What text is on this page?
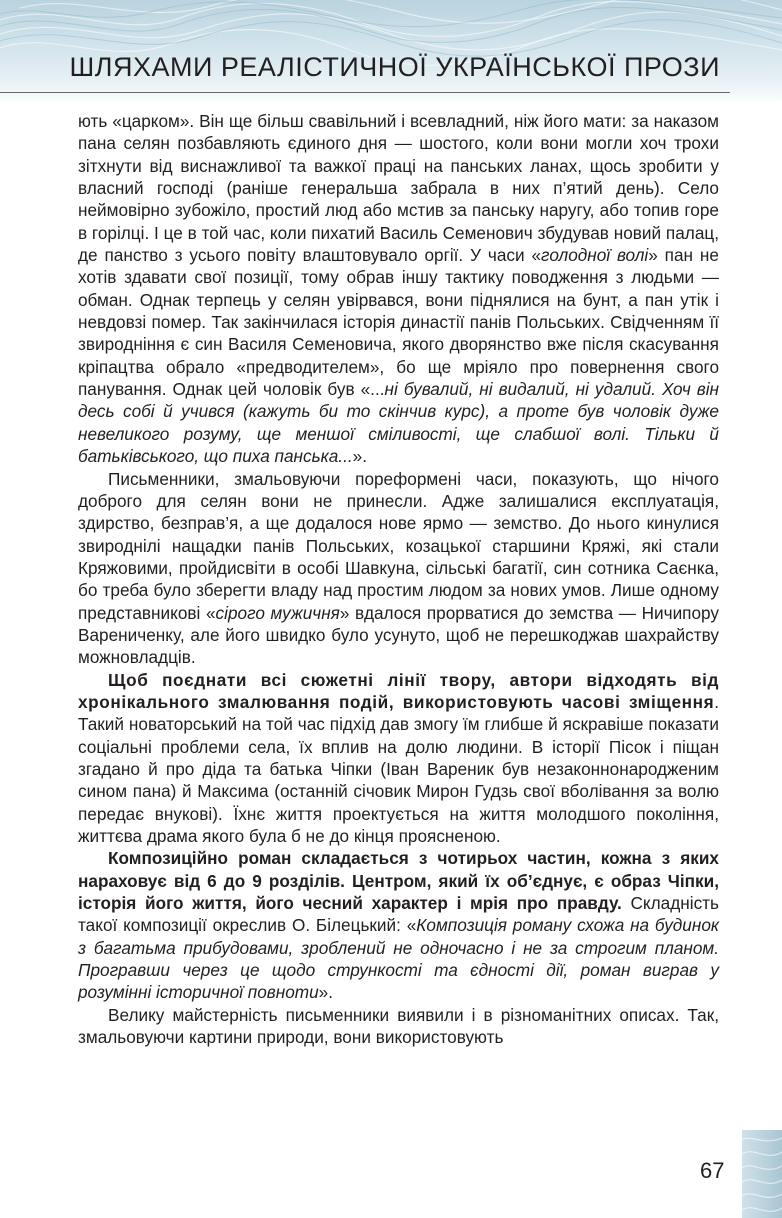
ШЛЯХАМИ РЕАЛІСТИЧНОЇ УКРАЇНСЬКОЇ ПРОЗИ

ють «царком». Він ще більш свавільний і всевладний, ніж його мати: за наказом пана селян позбавляють єдиного дня — шостого, коли вони могли хоч трохи зітхнути від виснажливої та важкої праці на панських ланах, щось зробити у власний господі (раніше генеральша забрала в них п’ятий день). Село неймовірно зубожіло, простий люд або мстив за панську наругу, або топив горе в горілці. І це в той час, коли пихатий Василь Семенович збудував новий палац, де панство з усього повіту влаштовувало оргії. У часи «голодної волі» пан не хотів здавати свої позиції, тому обрав іншу тактику поводження з людьми — обман. Однак терпець у селян увірвався, вони піднялися на бунт, а пан утік і невдовзі помер. Так закінчилася історія династії панів Польських. Свідченням її звироднiння є син Василя Семеновича, якого дворянство вже після скасування кріпацтва обрало «предводителем», бо ще мріяло про повернення свого панування. Однак цей чоловік був «...ні бувалий, ні видалий, ні удалий. Хоч він десь собі й учився (кажуть би то скінчив курс), а проте був чоловік дуже невеликого розуму, ще меншої сміливості, ще слабшої волі. Тільки й батьківського, що пиха панська...».

Письменники, змальовуючи пореформені часи, показують, що нічого доброго для селян вони не принесли. Адже залишалися експлуатація, здирство, безправ’я, а ще додалося нове ярмо — земство. До нього кинулися звироднілі нащадки панів Польських, козацької старшини Кряжі, які стали Кряжовими, пройдисвіти в особі Шавкуна, сільські багатії, син сотника Саєнка, бо треба було зберегти владу над простим людом за нових умов. Лише одному представникові «сірого мужичня» вдалося прорватися до земства — Ничипору Варениченку, але його швидко було усунуто, щоб не перешкоджав шахрайству можновладців.

Щоб поєднати всі сюжетні лінії твору, автори відходять від хронікального змалювання подій, використовують часові зміщення. Такий новаторський на той час підхід дав змогу їм глибше й яскравіше показати соціальні проблеми села, їх вплив на долю людини. В історії Пісок і піщан згадано й про діда та батька Чіпки (Іван Вареник був незаконнонародженим сином пана) й Максима (останній січовик Мирон Гудзь свої вболівання за волю передає внукові). Їхнє життя проектується на життя молодшого покоління, життєва драма якого була б не до кінця проясненою.

Композиційно роман складається з чотирьох частин, кожна з яких нараховує від 6 до 9 розділів. Центром, який їх об’єднує, є образ Чіпки, історія його життя, його чесний характер і мрія про правду. Складність такої композиції окреслив О. Білецький: «Композиція роману схожа на будинок з багатьма прибудовами, зроблений не одночасно і не за строгим планом. Програвши через це щодо стрункості та єдності дії, роман виграв у розумінні історичної повноти».

Велику майстерність письменники виявили і в різноманітних описах. Так, змальовуючи картини природи, вони використовують

67
